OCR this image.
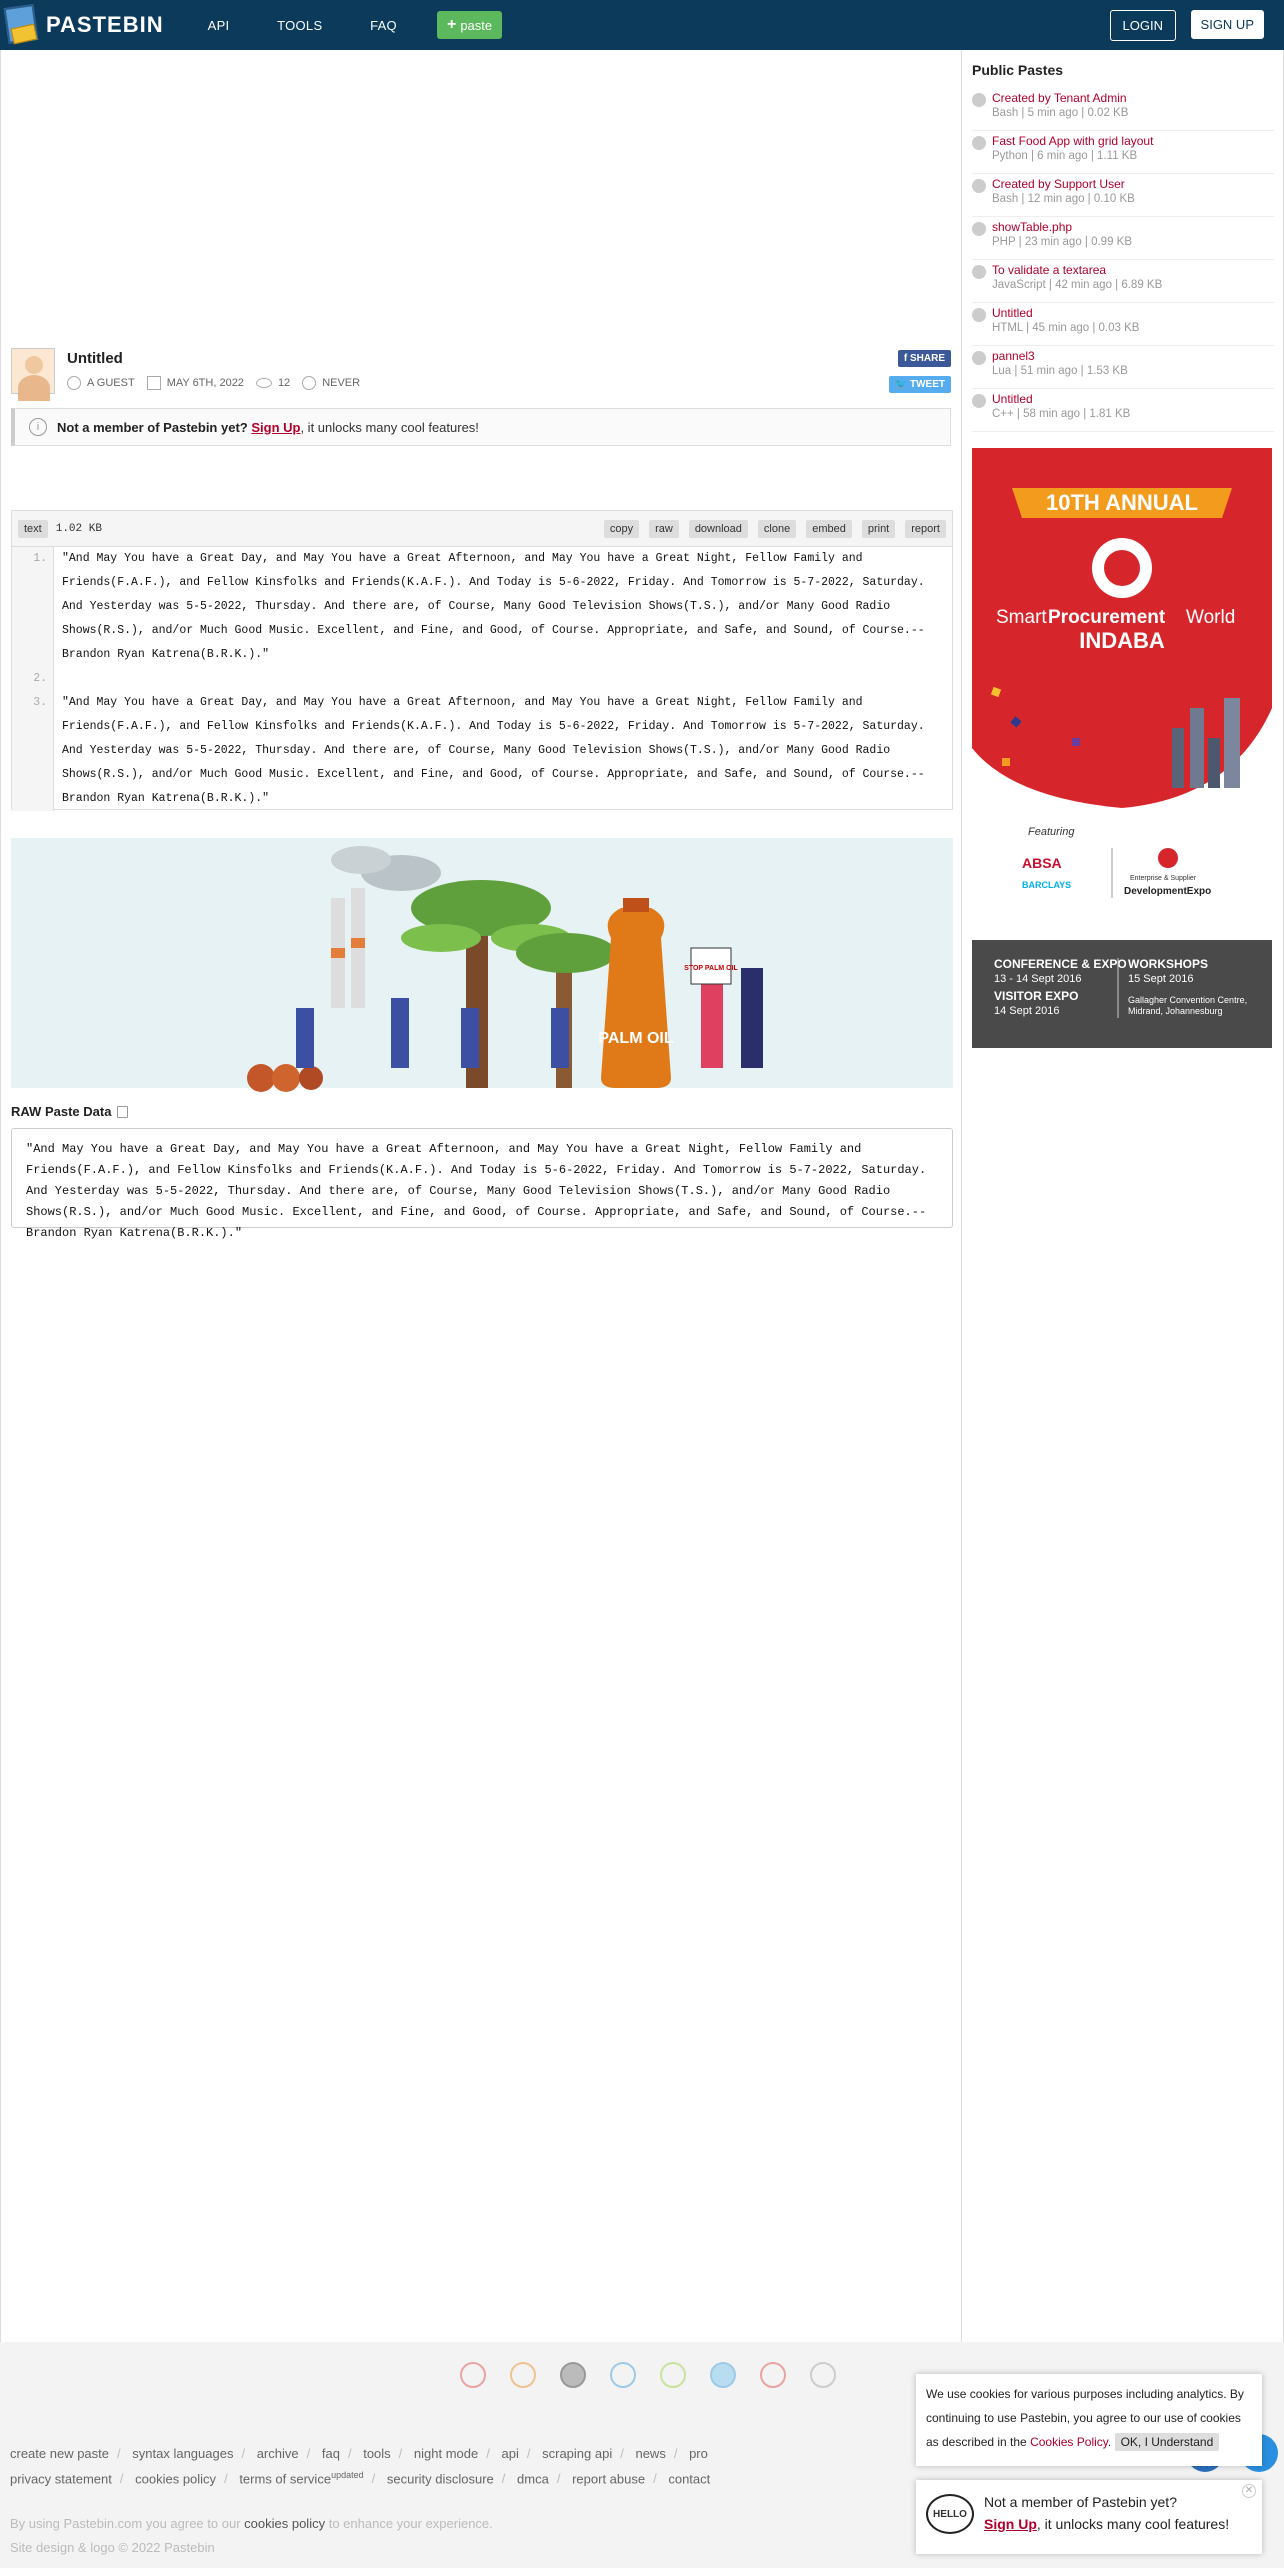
PASTEBIN	API	TOOLS	FAQ	+ paste	LOGIN	SIGN UP
Untitled
A GUEST	MAY 6TH, 2022	12	NEVER
f SHARE
🐦 TWEET
i	Not a member of Pastebin yet?
Sign Up , it unlocks many cool features!
text	1.02 KB	copy	raw	download	clone	embed	print	report
1.
2.
3.
"And May You have a Great Day, and May You have a Great Afternoon, and May You have a Great Night, Fellow Family and Friends(F.A.F.), and Fellow Kinsfolks and Friends(K.A.F.). And Today is 5-6-2022, Friday. And Tomorrow is 5-7-2022, Saturday. And Yesterday was 5-5-2022, Thursday. And there are, of Course, Many Good Television Shows(T.S.), and/or Many Good Radio Shows(R.S.), and/or Much Good Music. Excellent, and Fine, and Good, of Course. Appropriate, and Safe, and Sound, of Course.--Brandon Ryan Katrena(B.R.K.)."
"And May You have a Great Day, and May You have a Great Afternoon, and May You have a Great Night, Fellow Family and Friends(F.A.F.), and Fellow Kinsfolks and Friends(K.A.F.). And Today is 5-6-2022, Friday. And Tomorrow is 5-7-2022, Saturday. And Yesterday was 5-5-2022, Thursday. And there are, of Course, Many Good Television Shows(T.S.), and/or Many Good Radio Shows(R.S.), and/or Much Good Music. Excellent, and Fine, and Good, of Course. Appropriate, and Safe, and Sound, of Course.--Brandon Ryan Katrena(B.R.K.)."
PALM OIL
STOP PALM OIL
RAW Paste Data
"And May You have a Great Day, and May You have a Great Afternoon, and May You have a Great Night, Fellow Family and Friends(F.A.F.), and Fellow Kinsfolks and Friends(K.A.F.). And Today is 5-6-2022, Friday. And Tomorrow is 5-7-2022, Saturday. And Yesterday was 5-5-2022, Thursday. And there are, of Course, Many Good Television Shows(T.S.), and/or Many Good Radio Shows(R.S.), and/or Much Good Music. Excellent, and Fine, and Good, of Course. Appropriate, and Safe, and Sound, of Course.--Brandon Ryan Katrena(B.R.K.)."
Public Pastes
Created by Tenant Admin
Bash | 5 min ago | 0.02 KB
Fast Food App with grid layout
Python | 6 min ago | 1.11 KB
Created by Support User
Bash | 12 min ago | 0.10 KB
showTable.php
PHP | 23 min ago | 0.99 KB
To validate a textarea
JavaScript | 42 min ago | 6.89 KB
Untitled
HTML | 45 min ago | 0.03 KB
pannel3
Lua | 51 min ago | 1.53 KB
Untitled
C++ | 58 min ago | 1.81 KB
10TH ANNUAL
Smart Procurement World
INDABA
Featuring
ABSA
BARCLAYS
Enterprise & Supplier
DevelopmentExpo
CONFERENCE & EXPO
13 - 14 Sept 2016
VISITOR EXPO
14 Sept 2016
WORKSHOPS
15 Sept 2016
Gallagher Convention Centre,
Midrand, Johannesburg
create new paste / syntax languages / archive / faq / tools / night mode / api / scraping api / news / pro
privacy statement / cookies policy / terms of service$^{updated}$ / security disclosure / dmca / report abuse / contact
By using Pastebin.com you agree to our cookies policy to enhance your experience.
Site design & logo © 2022 Pastebin
We use cookies for various purposes including analytics. By continuing to use Pastebin, you agree to our use of cookies as described in the Cookies Policy. OK, I Understand
HELLO
Not a member of Pastebin yet?
Sign Up, it unlocks many cool features!
✕
